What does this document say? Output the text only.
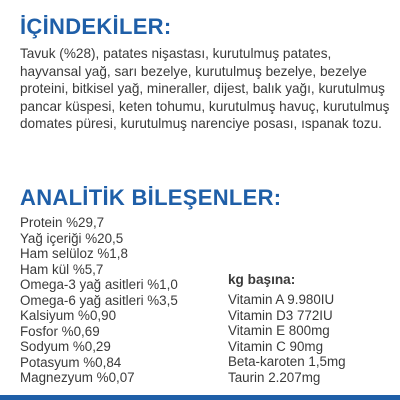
İÇİNDEKİLER:

Tavuk (%28), patates nişastası, kurutulmuş patates, hayvansal yağ, sarı bezelye, kurutulmuş bezelye, bezelye proteini, bitkisel yağ, mineraller, dijest, balık yağı, kurutulmuş pancar küspesi, keten tohumu, kurutulmuş havuç, kurutulmuş domates püresi, kurutulmuş narenciye posası, ıspanak tozu.

ANALİTİK BİLEŞENLER:
Protein %29,7
Yağ içeriği %20,5
Ham selüloz %1,8
Ham kül %5,7
Omega-3 yağ asitleri %1,0
Omega-6 yağ asitleri %3,5
Kalsiyum %0,90
Fosfor %0,69
Sodyum %0,29
Potasyum %0,84
Magnezyum %0,07
kg başına:
Vitamin A 9.980IU
Vitamin D3 772IU
Vitamin E 800mg
Vitamin C 90mg
Beta-karoten 1,5mg
Taurin 2.207mg
